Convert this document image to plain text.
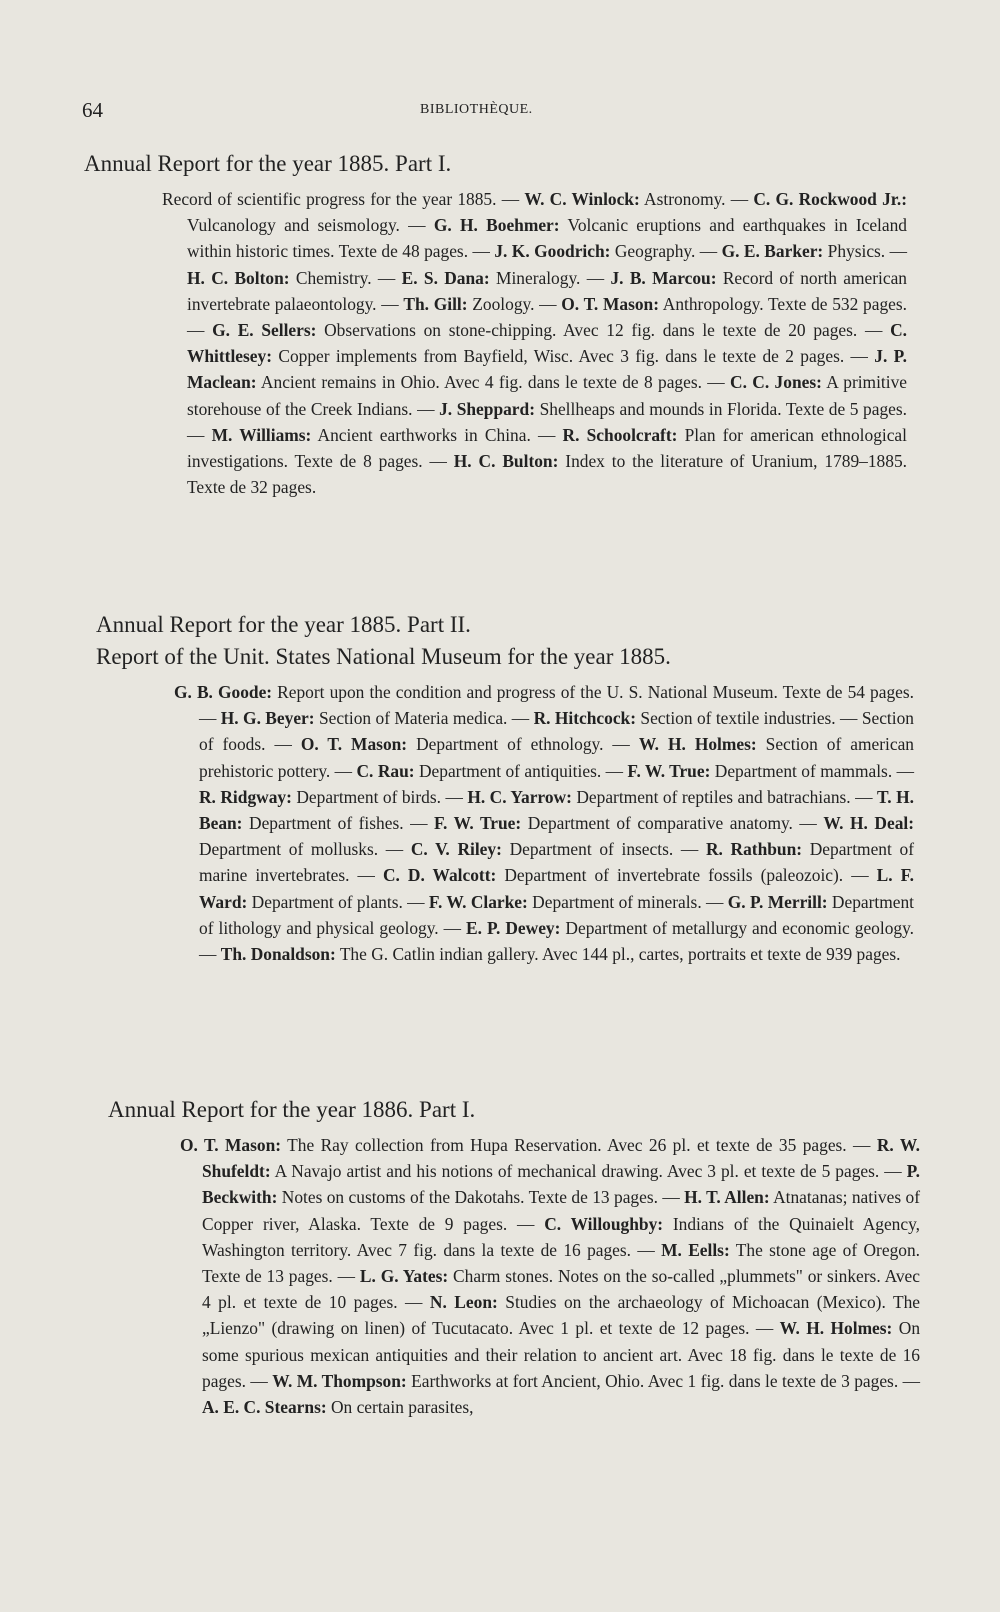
64	BIBLIOTHÈQUE.
Annual Report for the year 1885. Part I.

Record of scientific progress for the year 1885. — W. C. Winlock: Astronomy. — C. G. Rockwood Jr.: Vulcanology and seismology. — G. H. Boehmer: Volcanic eruptions and earthquakes in Iceland within historic times. Texte de 48 pages. — J. K. Goodrich: Geography. — G. E. Barker: Physics. — H. C. Bolton: Chemistry. — E. S. Dana: Mineralogy. — J. B. Marcou: Record of north american invertebrate palaeontology. — Th. Gill: Zoology. — O. T. Mason: Anthropology. Texte de 532 pages. — G. E. Sellers: Observations on stone-chipping. Avec 12 fig. dans le texte de 20 pages. — C. Whittlesey: Copper implements from Bayfield, Wisc. Avec 3 fig. dans le texte de 2 pages. — J. P. Maclean: Ancient remains in Ohio. Avec 4 fig. dans le texte de 8 pages. — C. C. Jones: A primitive storehouse of the Creek Indians. — J. Sheppard: Shellheaps and mounds in Florida. Texte de 5 pages. — M. Williams: Ancient earthworks in China. — R. Schoolcraft: Plan for american ethnological investigations. Texte de 8 pages. — H. C. Bulton: Index to the literature of Uranium, 1789–1885. Texte de 32 pages.

Annual Report for the year 1885. Part II.
Report of the Unit. States National Museum for the year 1885.

G. B. Goode: Report upon the condition and progress of the U. S. National Museum. Texte de 54 pages. — H. G. Beyer: Section of Materia medica. — R. Hitchcock: Section of textile industries. — Section of foods. — O. T. Mason: Department of ethnology. — W. H. Holmes: Section of american prehistoric pottery. — C. Rau: Department of antiquities. — F. W. True: Department of mammals. — R. Ridgway: Department of birds. — H. C. Yarrow: Department of reptiles and batrachians. — T. H. Bean: Department of fishes. — F. W. True: Department of comparative anatomy. — W. H. Deal: Department of mollusks. — C. V. Riley: Department of insects. — R. Rathbun: Department of marine invertebrates. — C. D. Walcott: Department of invertebrate fossils (paleozoic). — L. F. Ward: Department of plants. — F. W. Clarke: Department of minerals. — G. P. Merrill: Department of lithology and physical geology. — E. P. Dewey: Department of metallurgy and economic geology. — Th. Donaldson: The G. Catlin indian gallery. Avec 144 pl., cartes, portraits et texte de 939 pages.

Annual Report for the year 1886. Part I.

O. T. Mason: The Ray collection from Hupa Reservation. Avec 26 pl. et texte de 35 pages. — R. W. Shufeldt: A Navajo artist and his notions of mechanical drawing. Avec 3 pl. et texte de 5 pages. — P. Beckwith: Notes on customs of the Dakotahs. Texte de 13 pages. — H. T. Allen: Atnatanas; natives of Copper river, Alaska. Texte de 9 pages. — C. Willoughby: Indians of the Quinaielt Agency, Washington territory. Avec 7 fig. dans la texte de 16 pages. — M. Eells: The stone age of Oregon. Texte de 13 pages. — L. G. Yates: Charm stones. Notes on the so-called „plummets" or sinkers. Avec 4 pl. et texte de 10 pages. — N. Leon: Studies on the archaeology of Michoacan (Mexico). The „Lienzo" (drawing on linen) of Tucutacato. Avec 1 pl. et texte de 12 pages. — W. H. Holmes: On some spurious mexican antiquities and their relation to ancient art. Avec 18 fig. dans le texte de 16 pages. — W. M. Thompson: Earthworks at fort Ancient, Ohio. Avec 1 fig. dans le texte de 3 pages. — A. E. C. Stearns: On certain parasites,
